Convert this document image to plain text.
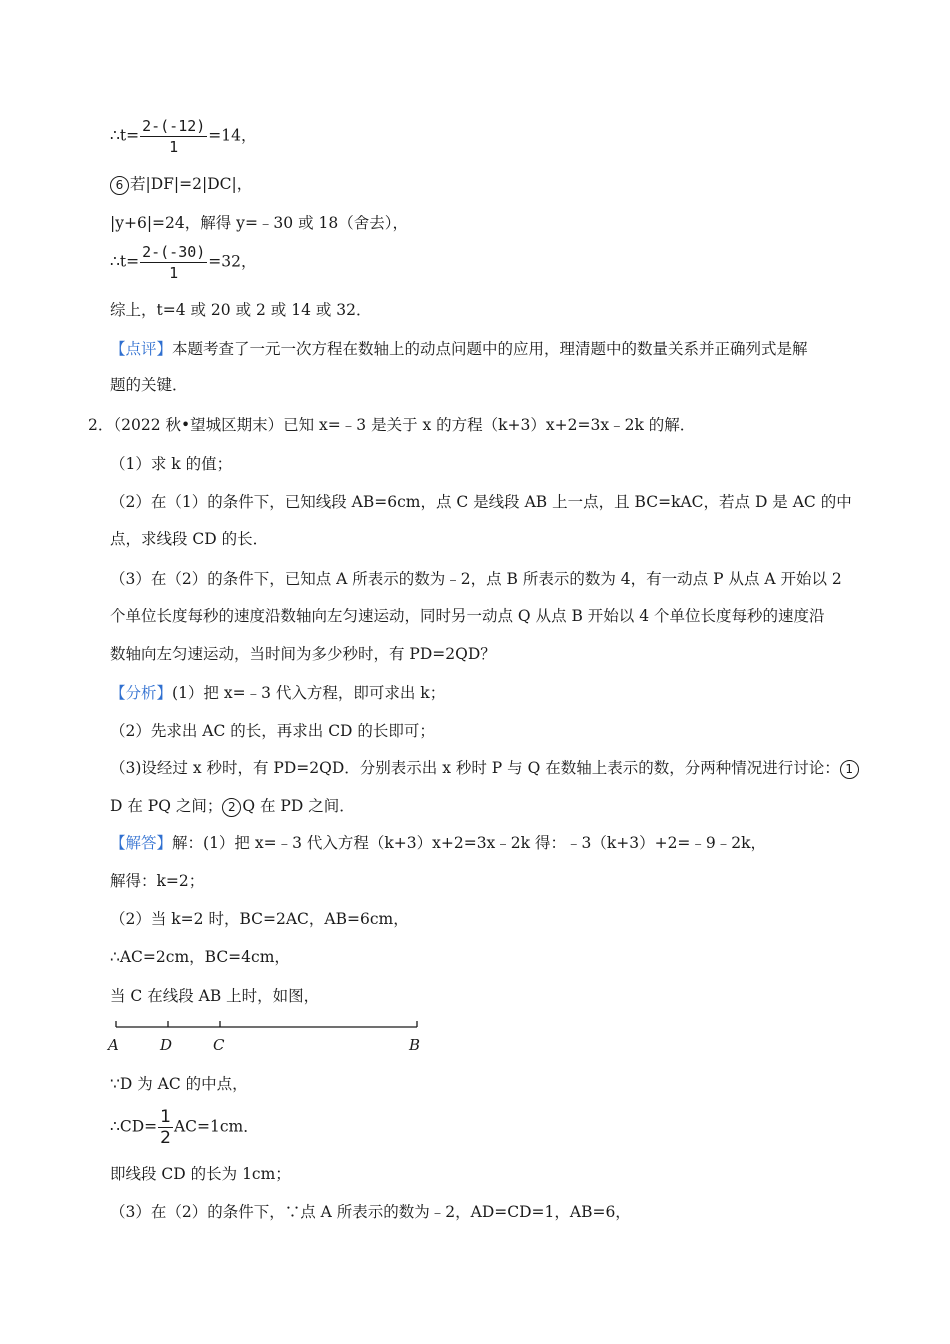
∴t= $\frac{2-(-12)}{1} =14$，
6 若|DF|=2|DC|，
|y+6|=24，解得 y=﹣30 或 18（舍去），
∴t= $\frac{2-(-30)}{1} =32$，
综上，t=4 或 20 或 2 或 14 或 32．
【点评】本题考查了一元一次方程在数轴上的动点问题中的应用，理清题中的数量关系并正确列式是解
题的关键．
2．（2022 秋•望城区期末）已知 x=﹣3 是关于 x 的方程（k+3）x+2=3x﹣2k 的解．
（1）求 k 的值；
（2）在（1）的条件下，已知线段 AB=6cm，点 C 是线段 AB 上一点，且 BC=kAC，若点 D 是 AC 的中
点，求线段 CD 的长．
（3）在（2）的条件下，已知点 A 所表示的数为﹣2，点 B 所表示的数为 4，有一动点 P 从点 A 开始以 2
个单位长度每秒的速度沿数轴向左匀速运动，同时另一动点 Q 从点 B 开始以 4 个单位长度每秒的速度沿
数轴向左匀速运动，当时间为多少秒时，有 PD=2QD？
【分析】(1）把 x=﹣3 代入方程，即可求出 k；
（2）先求出 AC 的长，再求出 CD 的长即可；
（3)设经过 x 秒时，有 PD=2QD．分别表示出 x 秒时 P 与 Q 在数轴上表示的数，分两种情况进行讨论： 1
D 在 PQ 之间； 2 Q 在 PD 之间．
【解答】解：(1）把 x=﹣3 代入方程（k+3）x+2=3x﹣2k 得：﹣3（k+3）+2=﹣9﹣2k，
解得：k=2；
（2）当 k=2 时，BC=2AC，AB=6cm，
∴AC=2cm，BC=4cm，
当 C 在线段 AB 上时，如图，
A	D	C	B
∵D 为 AC 的中点，
∴CD= $\frac{1}{2} AC=1cm$．
即线段 CD 的长为 1cm；
（3）在（2）的条件下，∵点 A 所表示的数为﹣2，AD=CD=1，AB=6，
